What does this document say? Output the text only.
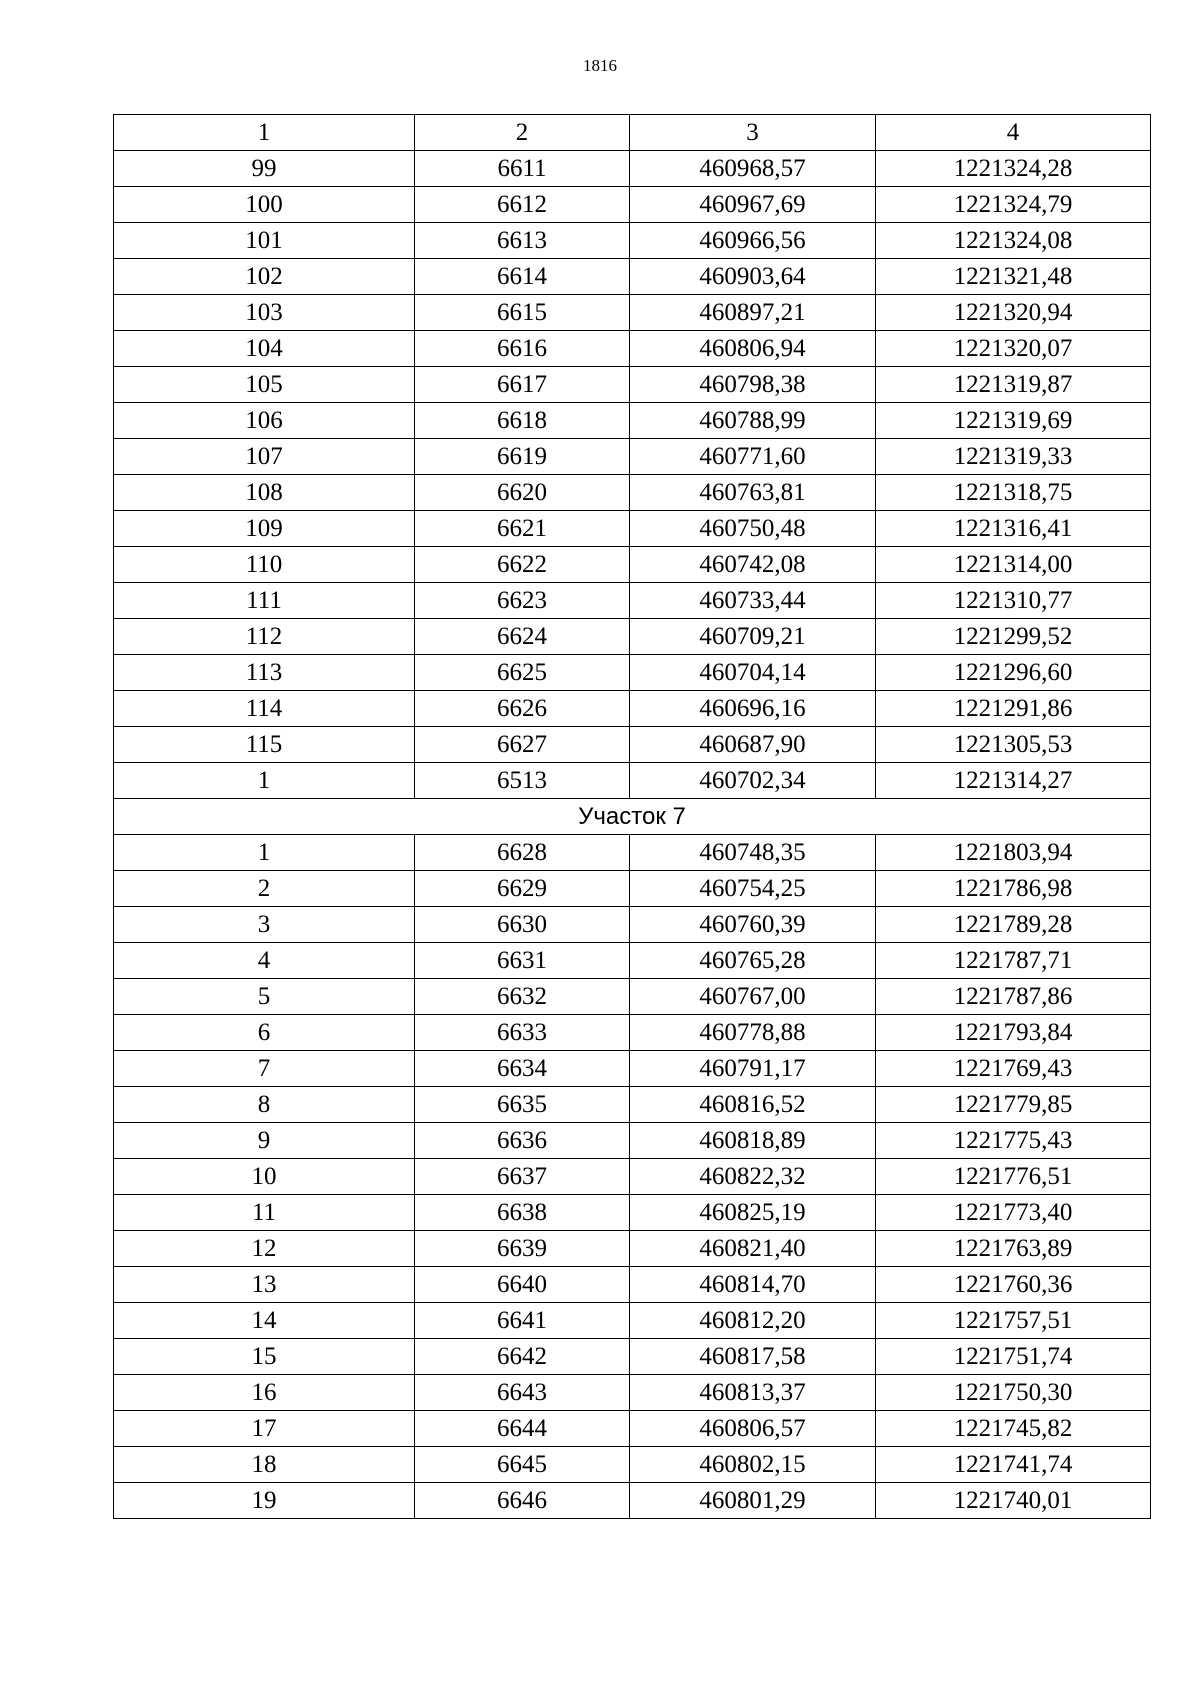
1816
1	2	3	4
99	6611	460968,57	1221324,28
100	6612	460967,69	1221324,79
101	6613	460966,56	1221324,08
102	6614	460903,64	1221321,48
103	6615	460897,21	1221320,94
104	6616	460806,94	1221320,07
105	6617	460798,38	1221319,87
106	6618	460788,99	1221319,69
107	6619	460771,60	1221319,33
108	6620	460763,81	1221318,75
109	6621	460750,48	1221316,41
110	6622	460742,08	1221314,00
111	6623	460733,44	1221310,77
112	6624	460709,21	1221299,52
113	6625	460704,14	1221296,60
114	6626	460696,16	1221291,86
115	6627	460687,90	1221305,53
1	6513	460702,34	1221314,27
Участок 7			
1	6628	460748,35	1221803,94
2	6629	460754,25	1221786,98
3	6630	460760,39	1221789,28
4	6631	460765,28	1221787,71
5	6632	460767,00	1221787,86
6	6633	460778,88	1221793,84
7	6634	460791,17	1221769,43
8	6635	460816,52	1221779,85
9	6636	460818,89	1221775,43
10	6637	460822,32	1221776,51
11	6638	460825,19	1221773,40
12	6639	460821,40	1221763,89
13	6640	460814,70	1221760,36
14	6641	460812,20	1221757,51
15	6642	460817,58	1221751,74
16	6643	460813,37	1221750,30
17	6644	460806,57	1221745,82
18	6645	460802,15	1221741,74
19	6646	460801,29	1221740,01
